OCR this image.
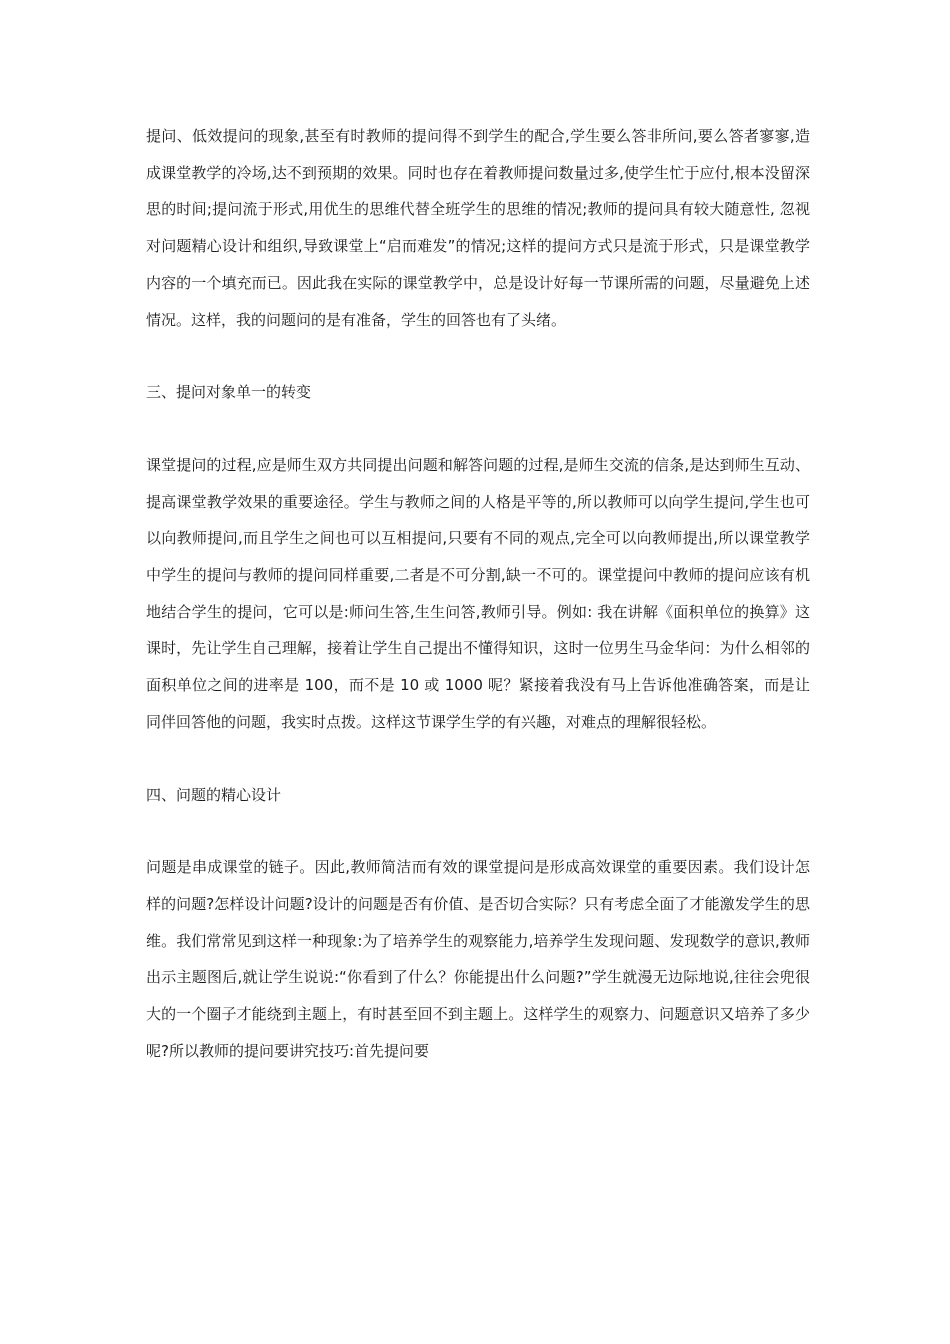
提问、低效提问的现象,甚至有时教师的提问得不到学生的配合,学生要么答非所问,要么答者寥寥,造成课堂教学的冷场,达不到预期的效果。同时也存在着教师提问数量过多,使学生忙于应付,根本没留深思的时间;提问流于形式,用优生的思维代替全班学生的思维的情况;教师的提问具有较大随意性, 忽视对问题精心设计和组织,导致课堂上“启而难发”的情况;这样的提问方式只是流于形式，只是课堂教学内容的一个填充而已。因此我在实际的课堂教学中，总是设计好每一节课所需的问题，尽量避免上述情况。这样，我的问题问的是有准备，学生的回答也有了头绪。

三、提问对象单一的转变

课堂提问的过程,应是师生双方共同提出问题和解答问题的过程,是师生交流的信条,是达到师生互动、提高课堂教学效果的重要途径。学生与教师之间的人格是平等的,所以教师可以向学生提问,学生也可以向教师提问,而且学生之间也可以互相提问,只要有不同的观点,完全可以向教师提出,所以课堂教学中学生的提问与教师的提问同样重要,二者是不可分割,缺一不可的。课堂提问中教师的提问应该有机地结合学生的提问，它可以是:师问生答,生生问答,教师引导。例如: 我在讲解《面积单位的换算》这课时，先让学生自己理解，接着让学生自己提出不懂得知识，这时一位男生马金华问：为什么相邻的面积单位之间的进率是 100，而不是 10 或 1000 呢？紧接着我没有马上告诉他准确答案，而是让同伴回答他的问题，我实时点拨。这样这节课学生学的有兴趣，对难点的理解很轻松。

四、问题的精心设计

问题是串成课堂的链子。因此,教师简洁而有效的课堂提问是形成高效课堂的重要因素。我们设计怎样的问题?怎样设计问题?设计的问题是否有价值、是否切合实际？只有考虑全面了才能激发学生的思维。我们常常见到这样一种现象:为了培养学生的观察能力,培养学生发现问题、发现数学的意识,教师出示主题图后,就让学生说说:“你看到了什么？你能提出什么问题?”学生就漫无边际地说,往往会兜很大的一个圈子才能绕到主题上，有时甚至回不到主题上。这样学生的观察力、问题意识又培养了多少呢?所以教师的提问要讲究技巧:首先提问要
